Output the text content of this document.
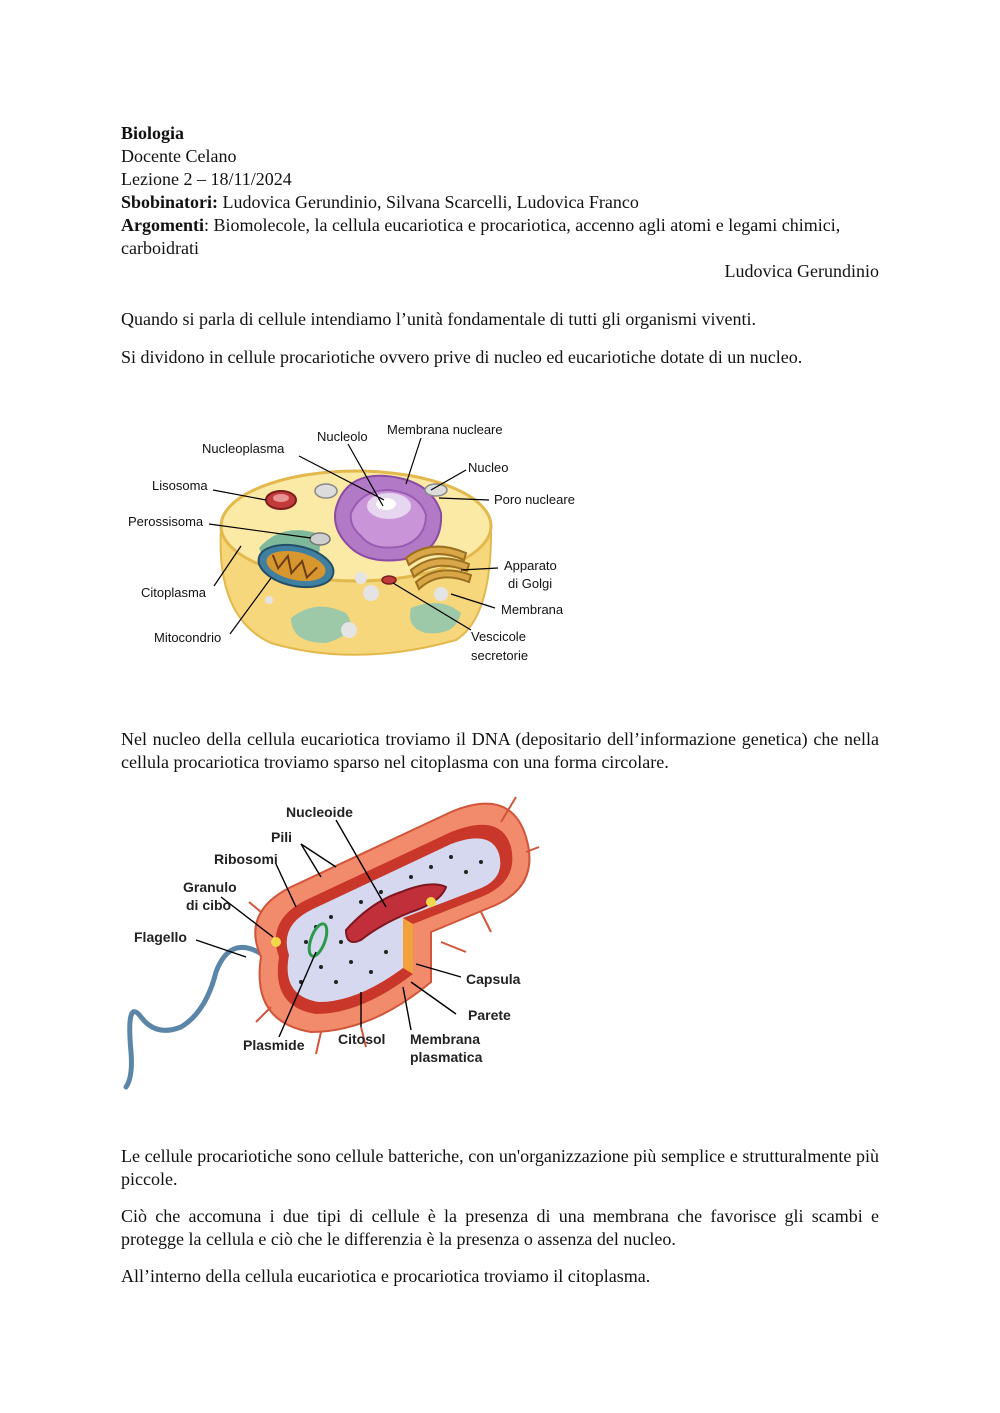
Biologia
Docente Celano
Lezione 2 – 18/11/2024
Sbobinatori: Ludovica Gerundinio, Silvana Scarcelli, Ludovica Franco
Argomenti: Biomolecole, la cellula eucariotica e procariotica, accenno agli atomi e legami chimici, carboidrati
Ludovica Gerundinio

Quando si parla di cellule intendiamo l’unità fondamentale di tutti gli organismi viventi.

Si dividono in cellule procariotiche ovvero prive di nucleo ed eucariotiche dotate di un nucleo.

Nucleoplasma
Nucleolo Membrana nucleare
Nucleo
Lisosoma
Poro nucleare
Perossisoma
Apparato
di Golgi
Citoplasma
Membrana
Mitocondrio	Vescicole
secretorie

Nel nucleo della cellula eucariotica troviamo il DNA (depositario dell’informazione genetica) che nella cellula procariotica troviamo sparso nel citoplasma con una forma circolare.

Nucleoide
Pili
Ribosomi
Granulo
di cibo
Flagello
Capsula
Parete
Plasmide Citosol Membrana
plasmatica

Le cellule procariotiche sono cellule batteriche, con un'organizzazione più semplice e strutturalmente più piccole.

Ciò che accomuna i due tipi di cellule è la presenza di una membrana che favorisce gli scambi e protegge la cellula e ciò che le differenzia è la presenza o assenza del nucleo.

All’interno della cellula eucariotica e procariotica troviamo il citoplasma.
